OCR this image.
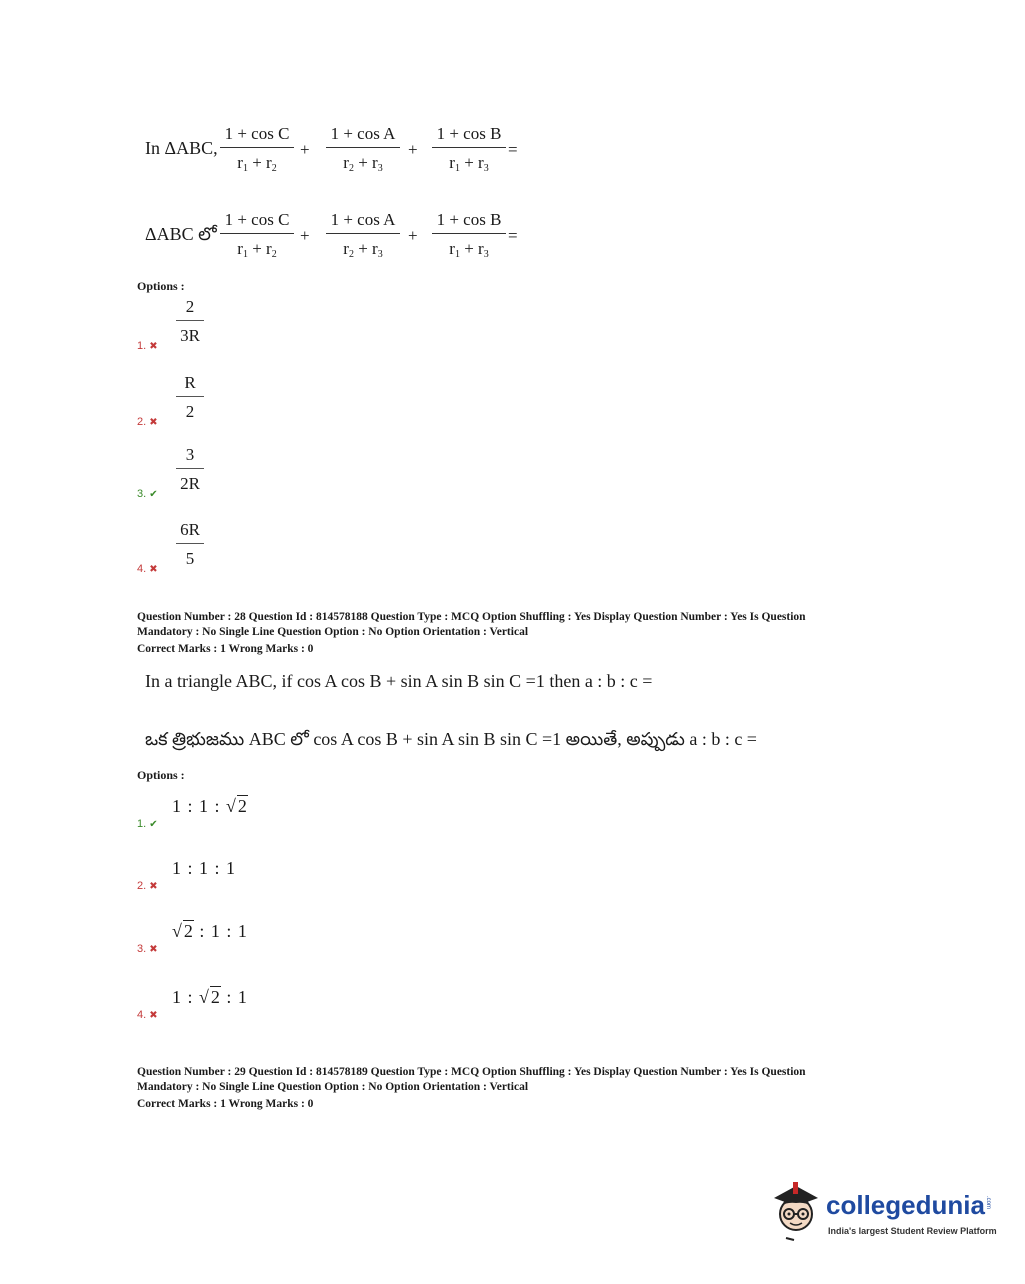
In ΔABC, $\frac{\text{1 + cos C}}{r_1 + r_2} \frac{\text{1 + cos A}}{r_2 + r_3} \frac{\text{1 + cos B}}{r_1 + r_3}$
+	+	=
ΔABC లో $\frac{\text{1 + cos C}}{r_1 + r_2} \frac{\text{1 + cos A}}{r_2 + r_3} \frac{\text{1 + cos B}}{r_1 + r_3}$
+	+	=
Options :
$\frac{2}{3R}$
1. ✖
$\frac{R}{2}$
2. ✖
$\frac{3}{2R}$
3. ✔
$\frac{6R}{5}$
4. ✖
Question Number : 28 Question Id : 814578188 Question Type : MCQ Option Shuffling : Yes Display Question Number : Yes Is Question
Mandatory : No Single Line Question Option : No Option Orientation : Vertical
Correct Marks : 1 Wrong Marks : 0
In a triangle ABC, if cos A cos B + sin A sin B sin C =1 then a : b : c =
ఒక త్రిభుజము ABC లో cos A cos B + sin A sin B sin C =1 అయితే, అప్పుడు a : b : c =
Options :
1 : 1 : √2
1. ✔
1 : 1 : 1
2. ✖
√2 : 1 : 1
3. ✖
1 : √2 : 1
4. ✖
Question Number : 29 Question Id : 814578189 Question Type : MCQ Option Shuffling : Yes Display Question Number : Yes Is Question
Mandatory : No Single Line Question Option : No Option Orientation : Vertical
Correct Marks : 1 Wrong Marks : 0
collegedunia .com
India's largest Student Review Platform
